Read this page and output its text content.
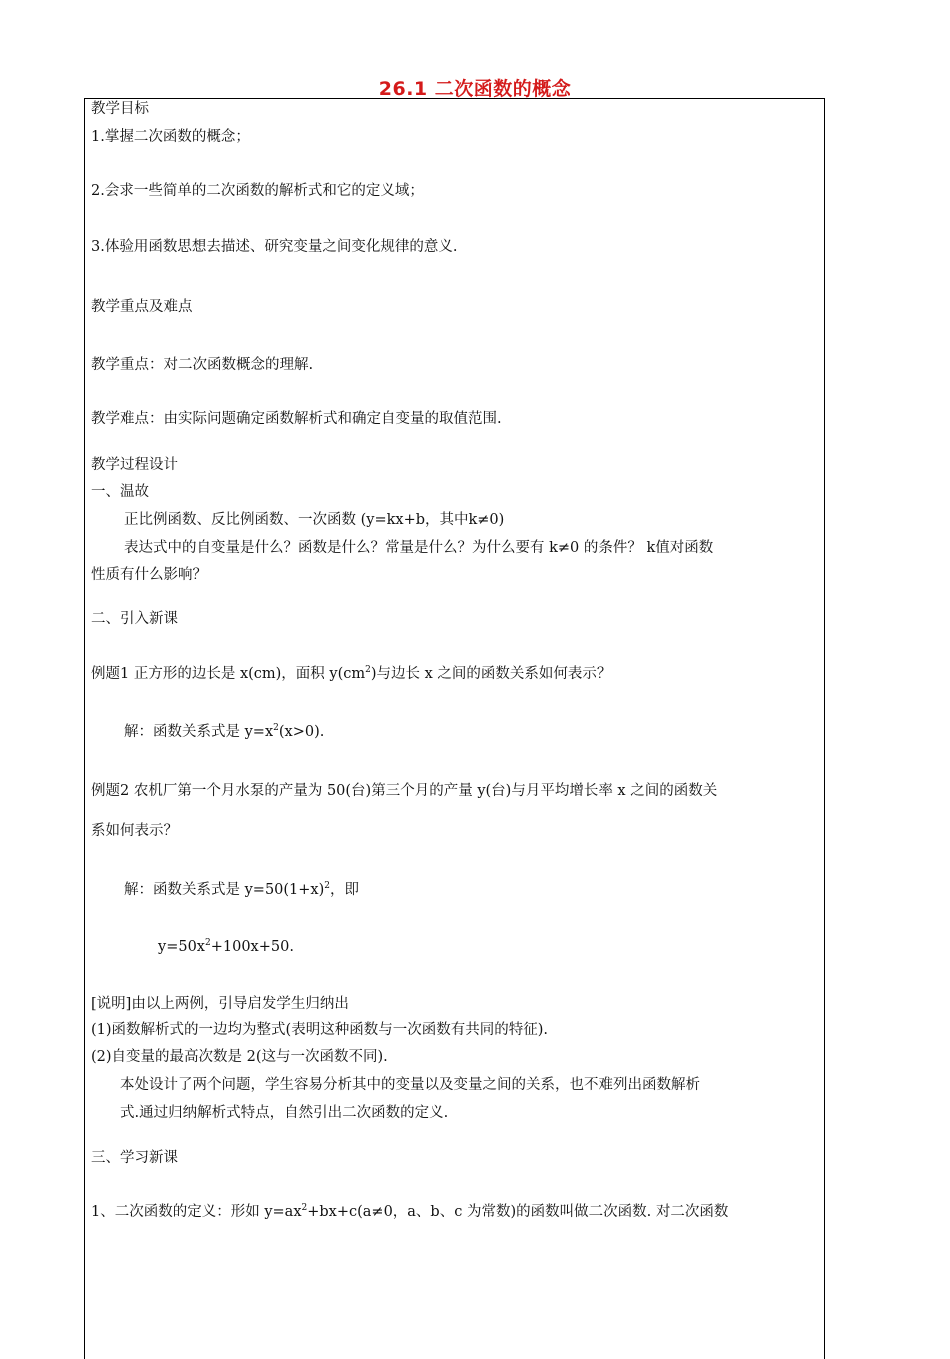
26.1 二次函数的概念
教学目标
1.掌握二次函数的概念；
2.会求一些简单的二次函数的解析式和它的定义域；
3.体验用函数思想去描述、研究变量之间变化规律的意义.
教学重点及难点
教学重点：对二次函数概念的理解.
教学难点：由实际问题确定函数解析式和确定自变量的取值范围.
教学过程设计
一、温故
正比例函数、反比例函数、一次函数 (y=kx+b，其中k≠0)
表达式中的自变量是什么？函数是什么？常量是什么？为什么要有 k≠0 的条件？ k值对函数
性质有什么影响？
二、引入新课
例题1 正方形的边长是 x(cm)，面积 $y(cm^2)$与边长 x 之间的函数关系如何表示？
解：函数关系式是 $y=x^2(x>0)$.
例题2 农机厂第一个月水泵的产量为 50(台)第三个月的产量 y(台)与月平均增长率 x 之间的函数关
系如何表示？
解：函数关系式是 $y=50(1+x)^2$，即
$y=50x^2+100x+50$.
[说明]由以上两例，引导启发学生归纳出
(1)函数解析式的一边均为整式(表明这种函数与一次函数有共同的特征).
(2)自变量的最高次数是 2(这与一次函数不同).
本处设计了两个问题，学生容易分析其中的变量以及变量之间的关系，也不难列出函数解析
式.通过归纳解析式特点，自然引出二次函数的定义.
三、学习新课
1、二次函数的定义：形如 $y=ax^2+bx+c(a\ne 0$，a、b、c 为常数)的函数叫做二次函数. 对二次函数
